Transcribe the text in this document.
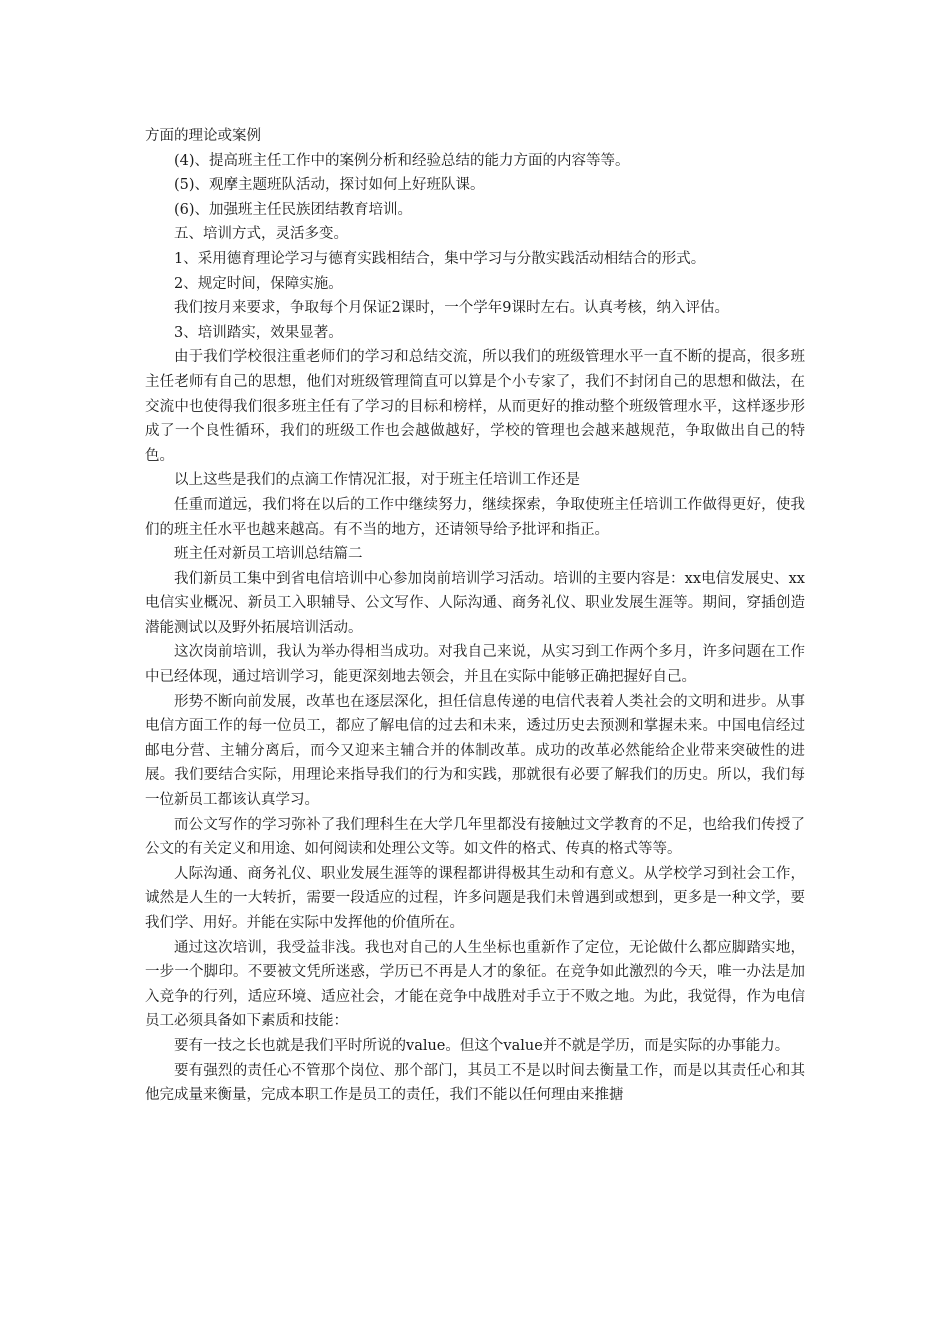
方面的理论或案例

(4)、提高班主任工作中的案例分析和经验总结的能力方面的内容等等。

(5)、观摩主题班队活动，探讨如何上好班队课。

(6)、加强班主任民族团结教育培训。

五、培训方式，灵活多变。

1、采用德育理论学习与德育实践相结合，集中学习与分散实践活动相结合的形式。

2、规定时间，保障实施。

我们按月来要求，争取每个月保证2课时，一个学年9课时左右。认真考核，纳入评估。

3、培训踏实，效果显著。

由于我们学校很注重老师们的学习和总结交流，所以我们的班级管理水平一直不断的提高，很多班主任老师有自己的思想，他们对班级管理简直可以算是个小专家了，我们不封闭自己的思想和做法，在交流中也使得我们很多班主任有了学习的目标和榜样，从而更好的推动整个班级管理水平，这样逐步形成了一个良性循环，我们的班级工作也会越做越好，学校的管理也会越来越规范，争取做出自己的特色。

以上这些是我们的点滴工作情况汇报，对于班主任培训工作还是

任重而道远，我们将在以后的工作中继续努力，继续探索，争取使班主任培训工作做得更好，使我们的班主任水平也越来越高。有不当的地方，还请领导给予批评和指正。

班主任对新员工培训总结篇二

我们新员工集中到省电信培训中心参加岗前培训学习活动。培训的主要内容是：xx电信发展史、xx电信实业概况、新员工入职辅导、公文写作、人际沟通、商务礼仪、职业发展生涯等。期间，穿插创造潜能测试以及野外拓展培训活动。

这次岗前培训，我认为举办得相当成功。对我自己来说，从实习到工作两个多月，许多问题在工作中已经体现，通过培训学习，能更深刻地去领会，并且在实际中能够正确把握好自己。

形势不断向前发展，改革也在逐层深化，担任信息传递的电信代表着人类社会的文明和进步。从事电信方面工作的每一位员工，都应了解电信的过去和未来，透过历史去预测和掌握未来。中国电信经过邮电分营、主辅分离后，而今又迎来主辅合并的体制改革。成功的改革必然能给企业带来突破性的进展。我们要结合实际，用理论来指导我们的行为和实践，那就很有必要了解我们的历史。所以，我们每一位新员工都该认真学习。

而公文写作的学习弥补了我们理科生在大学几年里都没有接触过文学教育的不足，也给我们传授了公文的有关定义和用途、如何阅读和处理公文等。如文件的格式、传真的格式等等。

人际沟通、商务礼仪、职业发展生涯等的课程都讲得极其生动和有意义。从学校学习到社会工作，诚然是人生的一大转折，需要一段适应的过程，许多问题是我们未曾遇到或想到，更多是一种文学，要我们学、用好。并能在实际中发挥他的价值所在。

通过这次培训，我受益非浅。我也对自己的人生坐标也重新作了定位，无论做什么都应脚踏实地，一步一个脚印。不要被文凭所迷惑，学历已不再是人才的象征。在竞争如此激烈的今天，唯一办法是加入竞争的行列，适应环境、适应社会，才能在竞争中战胜对手立于不败之地。为此，我觉得，作为电信员工必须具备如下素质和技能：

要有一技之长也就是我们平时所说的value。但这个value并不就是学历，而是实际的办事能力。

要有强烈的责任心不管那个岗位、那个部门，其员工不是以时间去衡量工作，而是以其责任心和其他完成量来衡量，完成本职工作是员工的责任，我们不能以任何理由来推搪
